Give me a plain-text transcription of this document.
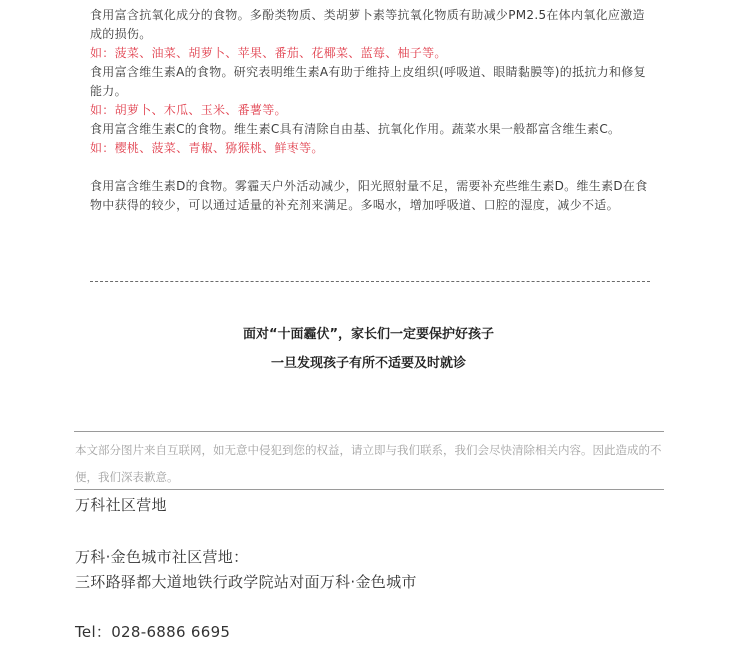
食用富含抗氧化成分的食物。多酚类物质、类胡萝卜素等抗氧化物质有助减少PM2.5在体内氧化应激造成的损伤。

如：菠菜、油菜、胡萝卜、苹果、番茄、花椰菜、蓝莓、柚子等。

食用富含维生素A的食物。研究表明维生素A有助于维持上皮组织(呼吸道、眼睛黏膜等)的抵抗力和修复能力。

如：胡萝卜、木瓜、玉米、番薯等。

食用富含维生素C的食物。维生素C具有清除自由基、抗氧化作用。蔬菜水果一般都富含维生素C。

如：樱桃、菠菜、青椒、猕猴桃、鲜枣等。

食用富含维生素D的食物。雾霾天户外活动减少，阳光照射量不足，需要补充些维生素D。维生素D在食物中获得的较少，可以通过适量的补充剂来满足。多喝水，增加呼吸道、口腔的湿度，减少不适。

面对“十面霾伏”，家长们一定要保护好孩子

一旦发现孩子有所不适要及时就诊

本文部分图片来自互联网，如无意中侵犯到您的权益，请立即与我们联系，我们会尽快清除相关内容。因此造成的不便，我们深表歉意。

万科社区营地

万科·金色城市社区营地：

三环路驿都大道地铁行政学院站对面万科·金色城市

Tel：028-6886 6695
